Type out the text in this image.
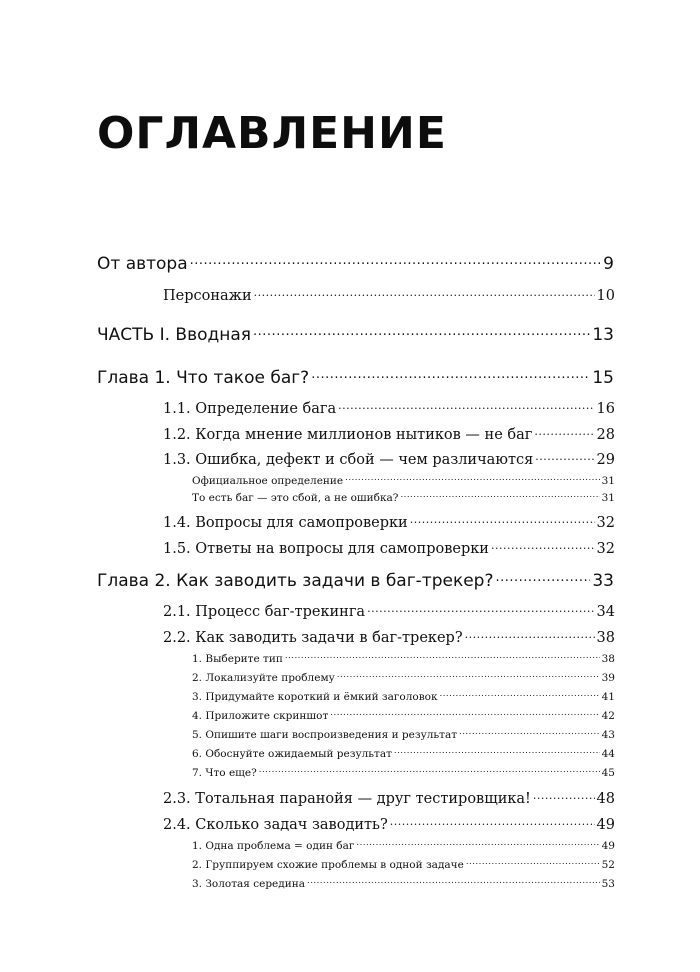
ОГЛАВЛЕНИЕ
От автора .....	9
Персонажи .....	10
ЧАСТЬ I. Вводная .....	13
Глава 1. Что такое баг? .....	15
1.1. Определение бага .....	16
1.2. Когда мнение миллионов нытиков — не баг .....	28
1.3. Ошибка, дефект и сбой — чем различаются .....	29
Официальное определение .....	31
То есть баг — это сбой, а не ошибка? .....	31
1.4. Вопросы для самопроверки .....	32
1.5. Ответы на вопросы для самопроверки .....	32
Глава 2. Как заводить задачи в баг-трекер? .....	33
2.1. Процесс баг-трекинга .....	34
2.2. Как заводить задачи в баг-трекер? .....	38
1. Выберите тип .....	38
2. Локализуйте проблему .....	39
3. Придумайте короткий и ёмкий заголовок .....	41
4. Приложите скриншот .....	42
5. Опишите шаги воспроизведения и результат .....	43
6. Обоснуйте ожидаемый результат .....	44
7. Что еще? .....	45
2.3. Тотальная паранойя — друг тестировщика! .....	48
2.4. Сколько задач заводить? .....	49
1. Одна проблема = один баг .....	49
2. Группируем схожие проблемы в одной задаче .....	52
3. Золотая середина .....	53
